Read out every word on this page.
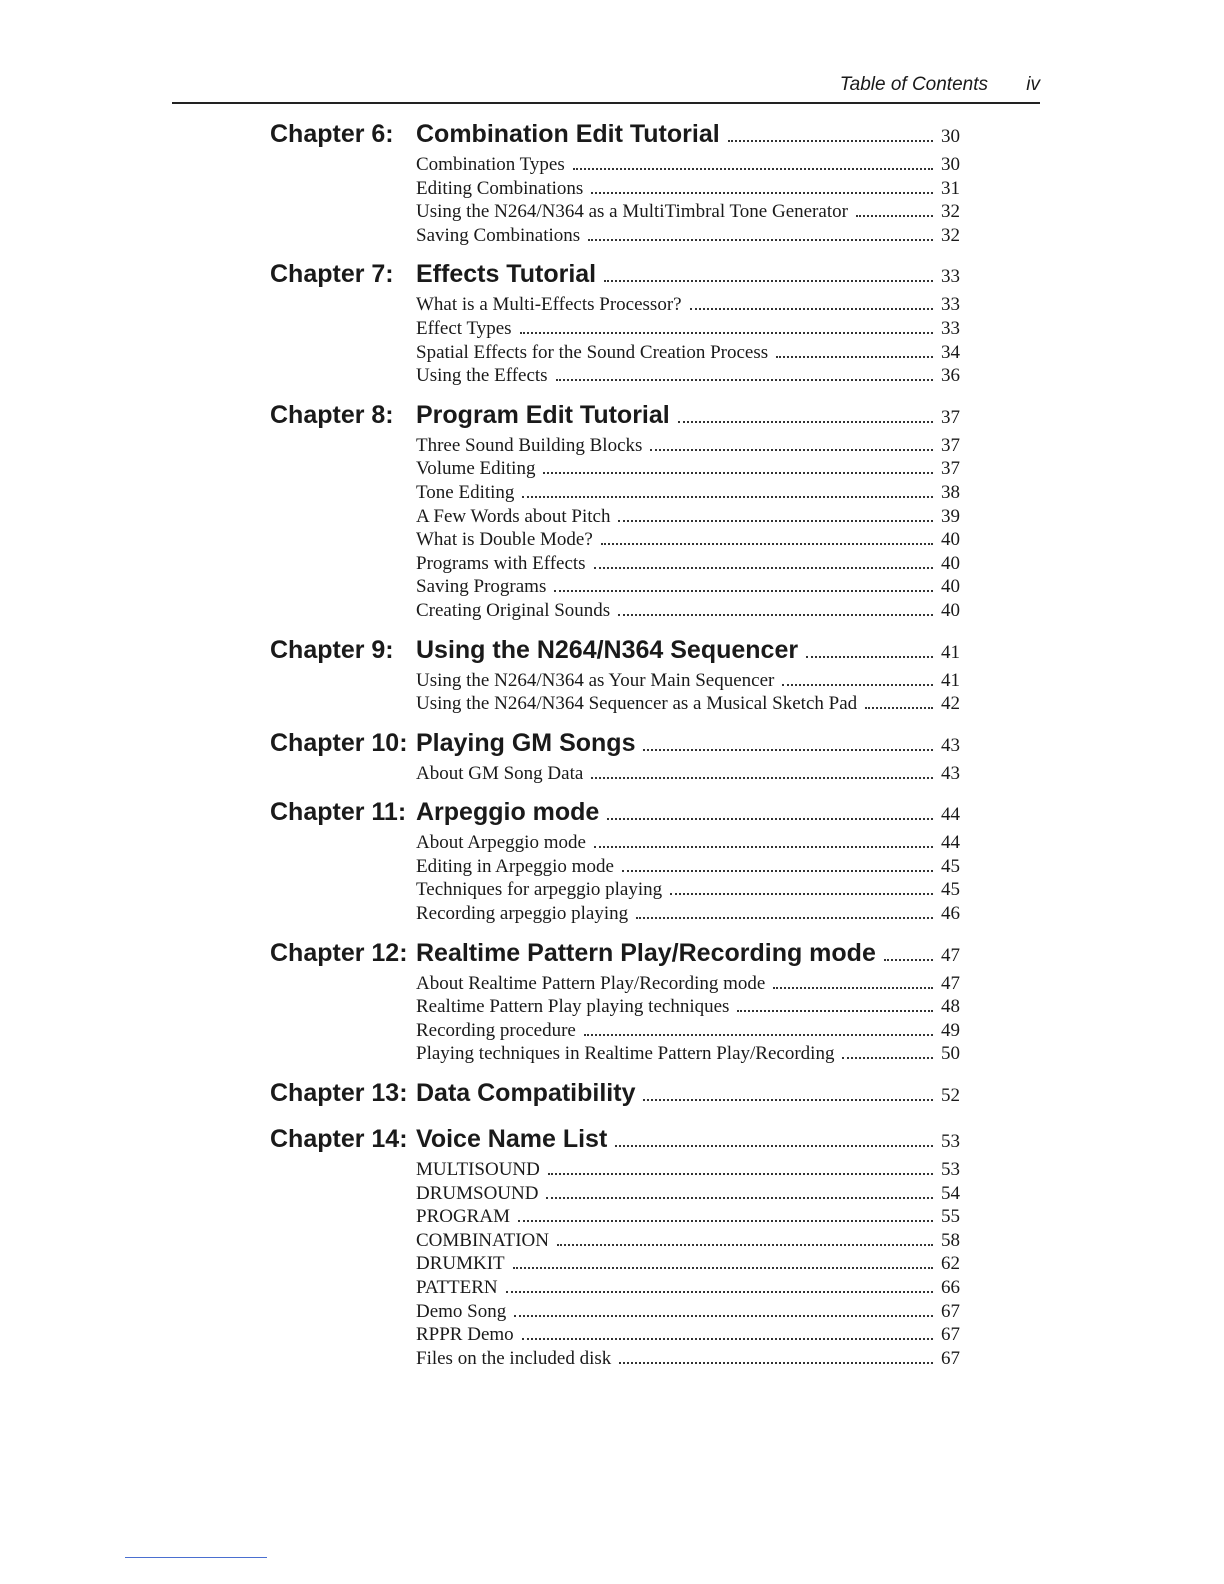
Table of Contents iv
Chapter 6: Combination Edit Tutorial	30
Combination Types	30
Editing Combinations	31
Using the N264/N364 as a MultiTimbral Tone Generator	32
Saving Combinations	32
Chapter 7: Effects Tutorial	33
What is a Multi-Effects Processor?	33
Effect Types	33
Spatial Effects for the Sound Creation Process	34
Using the Effects	36
Chapter 8: Program Edit Tutorial	37
Three Sound Building Blocks	37
Volume Editing	37
Tone Editing	38
A Few Words about Pitch	39
What is Double Mode?	40
Programs with Effects	40
Saving Programs	40
Creating Original Sounds	40
Chapter 9: Using the N264/N364 Sequencer	41
Using the N264/N364 as Your Main Sequencer	41
Using the N264/N364 Sequencer as a Musical Sketch Pad	42
Chapter 10: Playing GM Songs	43
About GM Song Data	43
Chapter 11: Arpeggio mode	44
About Arpeggio mode	44
Editing in Arpeggio mode	45
Techniques for arpeggio playing	45
Recording arpeggio playing	46
Chapter 12: Realtime Pattern Play/Recording mode	47
About Realtime Pattern Play/Recording mode	47
Realtime Pattern Play playing techniques	48
Recording procedure	49
Playing techniques in Realtime Pattern Play/Recording	50
Chapter 13: Data Compatibility	52
Chapter 14: Voice Name List	53
MULTISOUND	53
DRUMSOUND	54
PROGRAM	55
COMBINATION	58
DRUMKIT	62
PATTERN	66
Demo Song	67
RPPR Demo	67
Files on the included disk	67
